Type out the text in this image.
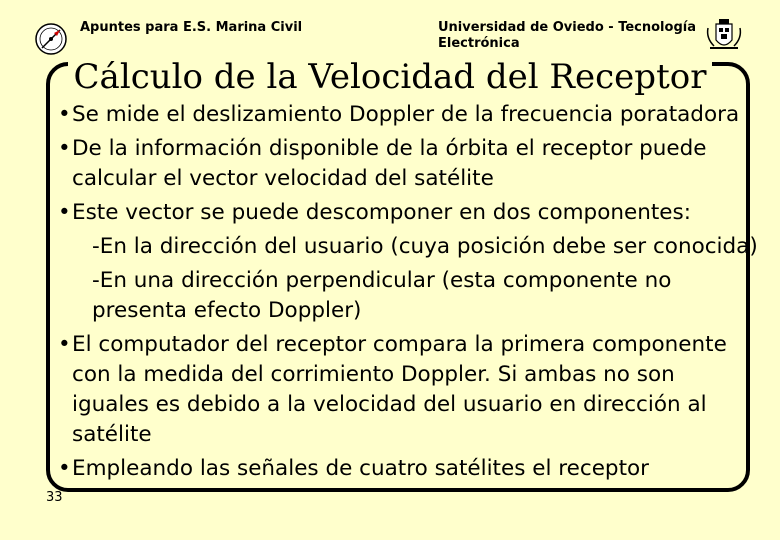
Apuntes para E.S. Marina Civil	Universidad de Oviedo - Tecnología Electrónica
Cálculo de la Velocidad del Receptor
• Se mide el deslizamiento Doppler de la frecuencia poratadora
• De la información disponible de la órbita el receptor puede calcular el vector velocidad del satélite
• Este vector se puede descomponer en dos componentes:
-En la dirección del usuario (cuya posición debe ser conocida)
-En una dirección perpendicular (esta componente no presenta efecto Doppler)
• El computador del receptor compara la primera componente con la medida del corrimiento Doppler. Si ambas no son iguales es debido a la velocidad del usuario en dirección al satélite
• Empleando las señales de cuatro satélites el receptor
33
